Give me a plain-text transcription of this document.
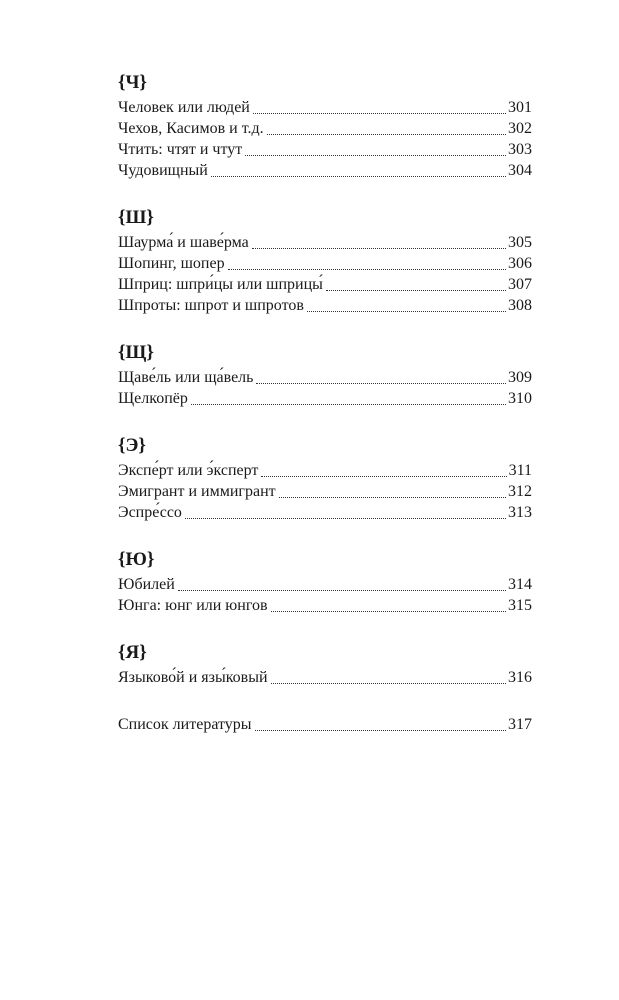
{Ч}
Человек или людей	301
Чехов, Касимов и т.д.	302
Чтить: чтят и чтут	303
Чудовищный	304
{Ш}
Шаурма́ и шаве́рма	305
Шопинг, шопер	306
Шприц: шпри́цы или шприцы́	307
Шпроты: шпрот и шпротов	308
{Щ}
Щаве́ль или ща́вель	309
Щелкопёр	310
{Э}
Экспе́рт или э́ксперт	311
Эмигрант и иммигрант	312
Эспре́ссо	313
{Ю}
Юбилей	314
Юнга: юнг или юнгов	315
{Я}
Языково́й и язы́ковый	316
Список литературы	317
